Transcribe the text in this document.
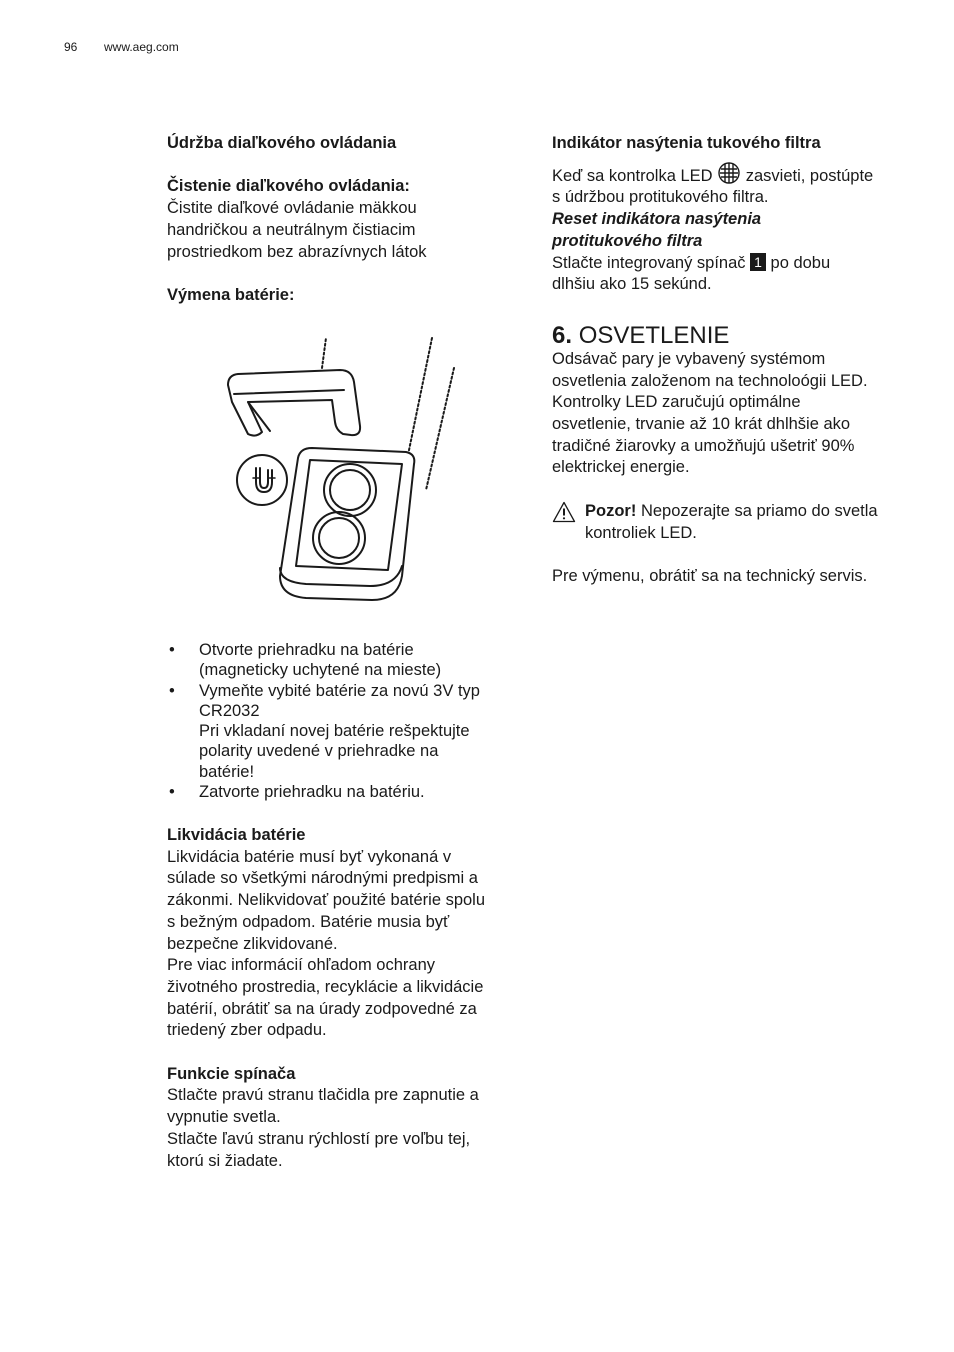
96 www.aeg.com

Údržba diaľkového ovládania

Čistenie diaľkového ovládania:

Čistite diaľkové ovládanie mäkkou

handričkou a neutrálnym čistiacim

prostriedkom bez abrazívnych látok

Výmena batérie:

• Otvorte priehradku na batérie
(magneticky uchytené na mieste)
• Vymeňte vybité batérie za novú 3V typ
CR2032
Pri vkladaní novej batérie rešpektujte
polarity uvedené v priehradke na
batérie!
• Zatvorte priehradku na batériu.

Likvidácia batérie

Likvidácia batérie musí byť vykonaná v

súlade so všetkými národnými predpismi a

zákonmi. Nelikvidovať použité batérie spolu

s bežným odpadom. Batérie musia byť

bezpečne zlikvidované.

Pre viac informácií ohľadom ochrany

životného prostredia, recyklácie a likvidácie

batérií, obrátiť sa na úrady zodpovedné za

triedený zber odpadu.

Funkcie spínača

Stlačte pravú stranu tlačidla pre zapnutie a

vypnutie svetla.

Stlačte ľavú stranu rýchlostí pre voľbu tej,

ktorú si žiadate.

Indikátor nasýtenia tukového filtra

Keď sa kontrolka LED zasvieti, postúpte

s údržbou protitukového filtra.

Reset indikátora nasýtenia

protitukového filtra

Stlačte integrovaný spínač 1 po dobu

dlhšiu ako 15 sekúnd.

6. OSVETLENIE

Odsávač pary je vybavený systémom

osvetlenia založenom na technoloógii LED.

Kontrolky LED zaručujú optimálne

osvetlenie, trvanie až 10 krát dhlhšie ako

tradičné žiarovky a umožňujú ušetriť 90%

elektrickej energie.

Pozor! Nepozerajte sa priamo do svetla

kontroliek LED.

Pre výmenu, obrátiť sa na technický servis.
